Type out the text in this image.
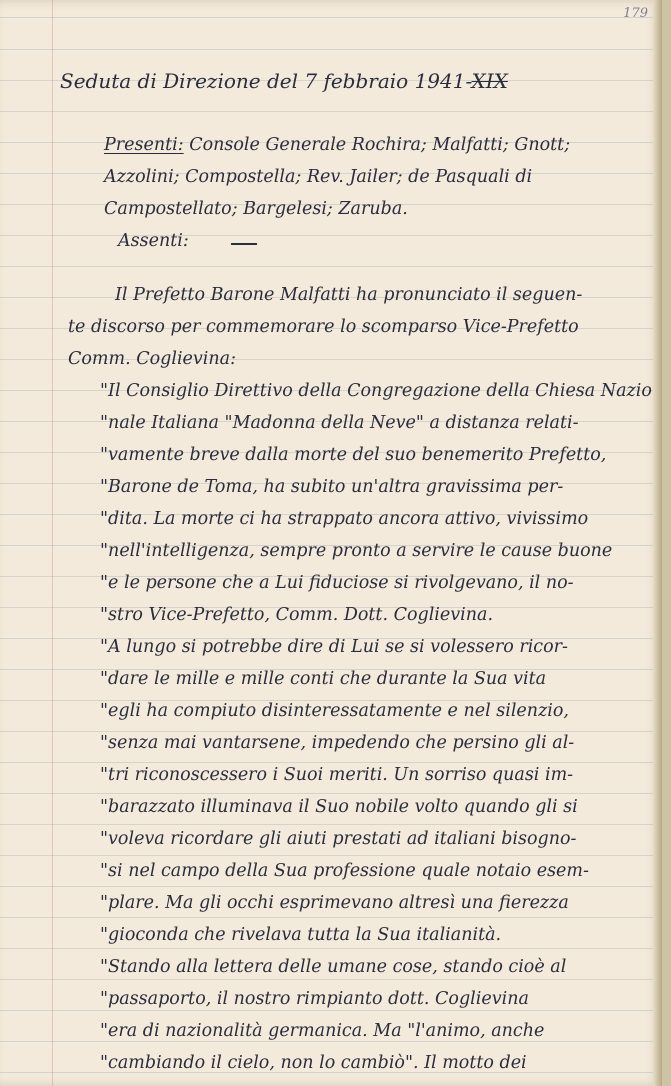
179
Seduta di Direzione del 7 febbraio 1941-XIX
Presenti: Console Generale Rochira; Malfatti; Gnott;
Azzolini; Compostella; Rev. Jailer; de Pasquali di
Campostellato; Bargelesi; Zaruba.
Assenti:
Il Prefetto Barone Malfatti ha pronunciato il seguen-
te discorso per commemorare lo scomparso Vice-Prefetto
Comm. Coglievina:
"Il Consiglio Direttivo della Congregazione della Chiesa Nazio
"nale Italiana "Madonna della Neve" a distanza relati-
"vamente breve dalla morte del suo benemerito Prefetto,
"Barone de Toma, ha subito un'altra gravissima per-
"dita. La morte ci ha strappato ancora attivo, vivissimo
"nell'intelligenza, sempre pronto a servire le cause buone
"e le persone che a Lui fiduciose si rivolgevano, il no-
"stro Vice-Prefetto, Comm. Dott. Coglievina.
"A lungo si potrebbe dire di Lui se si volessero ricor-
"dare le mille e mille conti che durante la Sua vita
"egli ha compiuto disinteressatamente e nel silenzio,
"senza mai vantarsene, impedendo che persino gli al-
"tri riconoscessero i Suoi meriti. Un sorriso quasi im-
"barazzato illuminava il Suo nobile volto quando gli si
"voleva ricordare gli aiuti prestati ad italiani bisogno-
"si nel campo della Sua professione quale notaio esem-
"plare. Ma gli occhi esprimevano altresì una fierezza
"gioconda che rivelava tutta la Sua italianità.
"Stando alla lettera delle umane cose, stando cioè al
"passaporto, il nostro rimpianto dott. Coglievina
"era di nazionalità germanica. Ma "l'animo, anche
"cambiando il cielo, non lo cambiò". Il motto dei
